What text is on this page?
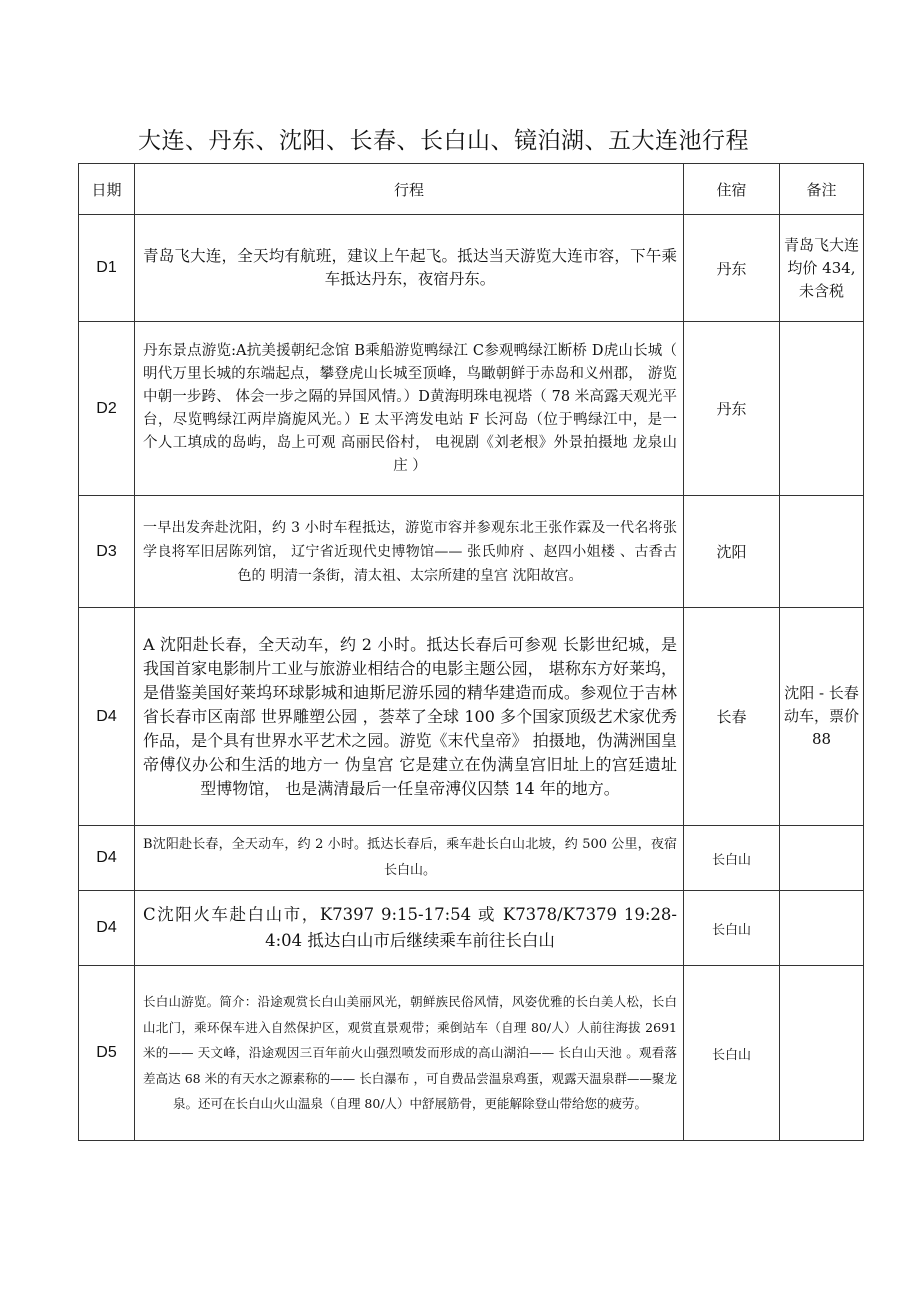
大连、丹东、沈阳、长春、长白山、镜泊湖、五大连池行程
日期	行程	住宿	备注
D1	青岛飞大连，全天均有航班，建议上午起飞。抵达当天游览大连市容，下午乘车抵达丹东，夜宿丹东。	丹东	青岛飞大连均价 434,未含税
D2	丹东景点游览:A抗美援朝纪念馆 B乘船游览鸭绿江 C参观鸭绿江断桥 D虎山长城（ 明代万里长城的东端起点，攀登虎山长城至顶峰，鸟瞰朝鲜于赤岛和义州郡， 游览中朝一步跨、 体会一步之隔的异国风情。）D黄海明珠电视塔（ 78 米高露天观光平台，尽览鸭绿江两岸旖旎风光。）E 太平湾发电站 F 长河岛（位于鸭绿江中，是一个人工填成的岛屿，岛上可观 高丽民俗村， 电视剧《刘老根》外景拍摄地 龙泉山庄 ）	丹东	
D3	一早出发奔赴沈阳，约 3 小时车程抵达，游览市容并参观东北王张作霖及一代名将张学良将军旧居陈列馆， 辽宁省近现代史博物馆—— 张氏帅府 、赵四小姐楼 、古香古色的 明清一条街，清太祖、太宗所建的皇宫 沈阳故宫。	沈阳	
D4	A 沈阳赴长春，全天动车，约 2 小时。抵达长春后可参观 长影世纪城，是我国首家电影制片工业与旅游业相结合的电影主题公园， 堪称东方好莱坞，是借鉴美国好莱坞环球影城和迪斯尼游乐园的精华建造而成。参观位于吉林省长春市区南部 世界雕塑公园 ，荟萃了全球 100 多个国家顶级艺术家优秀作品，是个具有世界水平艺术之园。游览《末代皇帝》 拍摄地，伪满洲国皇帝傅仪办公和生活的地方一 伪皇宫 它是建立在伪满皇宫旧址上的宫廷遗址型博物馆， 也是满清最后一任皇帝溥仪囚禁 14 年的地方。	长春	沈阳 - 长春动车，票价 88
D4	B沈阳赴长春，全天动车，约 2 小时。抵达长春后，乘车赴长白山北坡，约 500 公里，夜宿长白山。	长白山	
D4	C沈阳火车赴白山市，K7397 9:15-17:54 或 K7378/K7379 19:28-4:04 抵达白山市后继续乘车前往长白山	长白山	
D5	长白山游览。简介：沿途观赏长白山美丽风光，朝鲜族民俗风情，风姿优雅的长白美人松，长白山北门，乘环保车进入自然保护区，观赏直景观带；乘倒站车（自理 80/人）人前往海拔 2691 米的—— 天文峰，沿途观因三百年前火山强烈喷发而形成的高山湖泊—— 长白山天池 。观看落差高达 68 米的有天水之源素称的—— 长白瀑布 ，可自费品尝温泉鸡蛋，观露天温泉群——聚龙泉。还可在长白山火山温泉（自理 80/人）中舒展筋骨，更能解除登山带给您的疲劳。	长白山	
